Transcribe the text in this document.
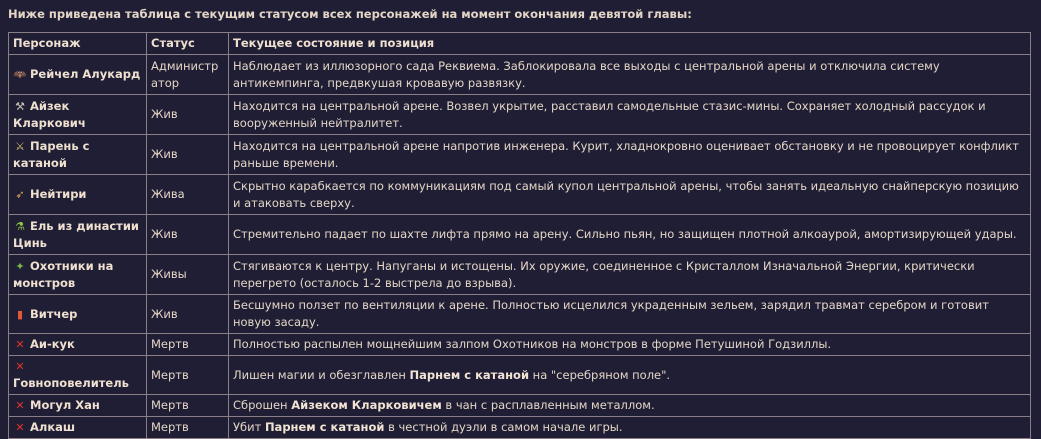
Ниже приведена таблица с текущим статусом всех персонажей на момент окончания девятой главы:
Персонаж	Статус	Текущее состояние и позиция
🦇 Рейчел Алукард	Администратор	Наблюдает из иллюзорного сада Реквиема. Заблокировала все выходы с центральной арены и отключила систему антикемпинга, предвкушая кровавую развязку.
⚒ Айзек Кларкович	Жив	Находится на центральной арене. Возвел укрытие, расставил самодельные стазис-мины. Сохраняет холодный рассудок и вооруженный нейтралитет.
⚔ Парень с катаной	Жив	Находится на центральной арене напротив инженера. Курит, хладнокровно оценивает обстановку и не провоцирует конфликт раньше времени.
➶ Нейтири	Жива	Скрытно карабкается по коммуникациям под самый купол центральной арены, чтобы занять идеальную снайперскую позицию и атаковать сверху.
⚗ Ель из династии Цинь	Жив	Стремительно падает по шахте лифта прямо на арену. Сильно пьян, но защищен плотной алкоаурой, амортизирующей удары.
✦ Охотники на монстров	Живы	Стягиваются к центру. Напуганы и истощены. Их оружие, соединенное с Кристаллом Изначальной Энергии, критически перегрето (осталось 1-2 выстрела до взрыва).
▮ Витчер	Жив	Бесшумно ползет по вентиляции к арене. Полностью исцелился украденным зельем, зарядил травмат серебром и готовит новую засаду.
✕ Аи-кук	Мертв	Полностью распылен мощнейшим залпом Охотников на монстров в форме Петушиной Годзиллы.
✕Говноповелитель	Мертв	Лишен магии и обезглавлен Парнем с катаной на "серебряном поле".
✕ Могул Хан	Мертв	Сброшен Айзеком Кларковичем в чан с расплавленным металлом.
✕ Алкаш	Мертв	Убит Парнем с катаной в честной дуэли в самом начале игры.
